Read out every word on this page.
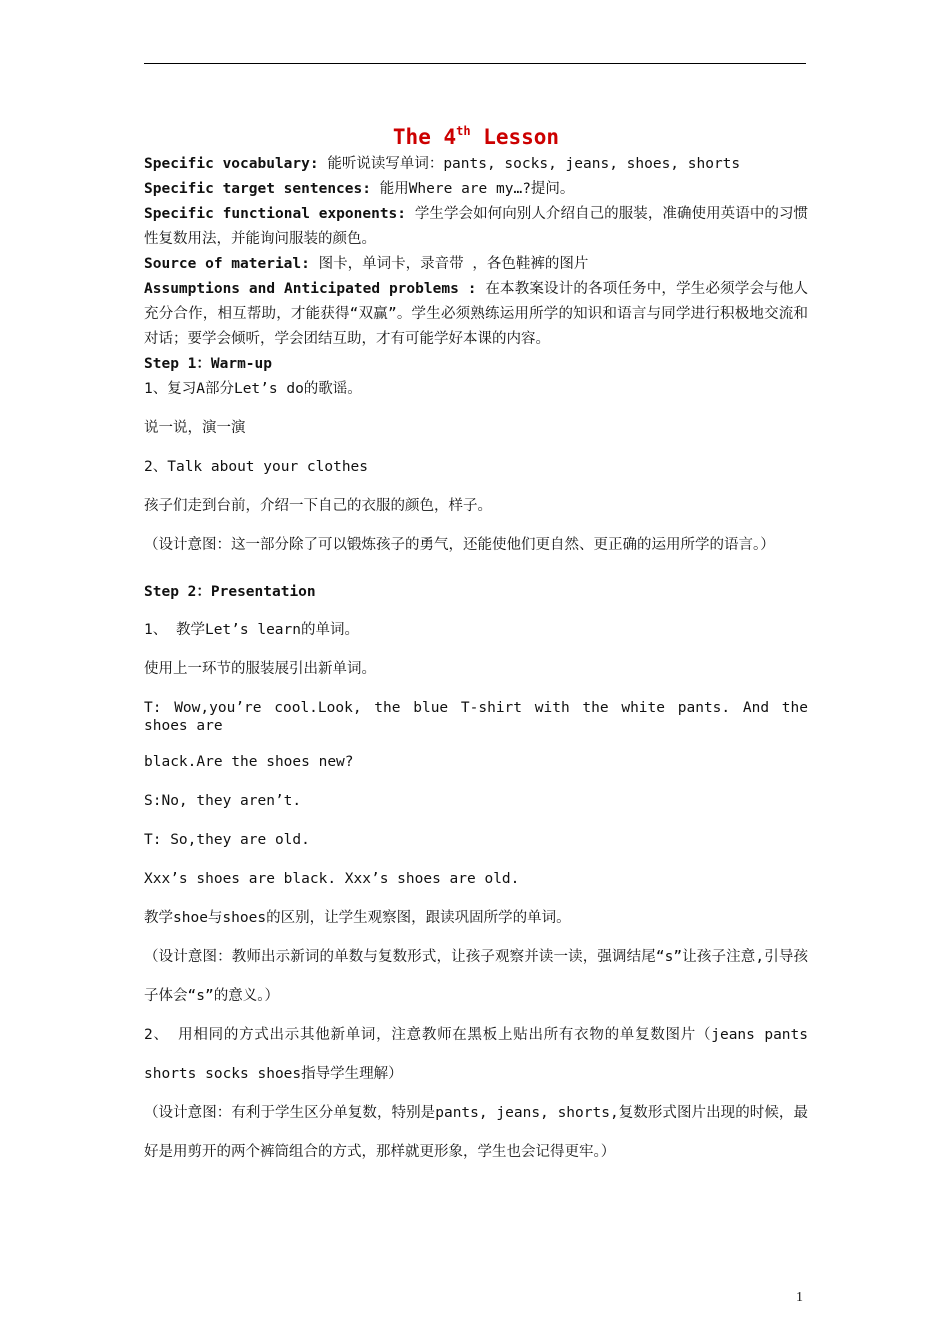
The 4th Lesson

Specific vocabulary: 能听说读写单词：pants, socks, jeans, shoes, shorts

Specific target sentences: 能用Where are my…?提问。

Specific functional exponents: 学生学会如何向别人介绍自己的服装，准确使用英语中的习惯性复数用法，并能询问服装的颜色。

Source of material: 图卡，单词卡，录音带 ，各色鞋裤的图片

Assumptions and Anticipated problems : 在本教案设计的各项任务中，学生必须学会与他人充分合作，相互帮助，才能获得“双赢”。学生必须熟练运用所学的知识和语言与同学进行积极地交流和对话；要学会倾听，学会团结互助，才有可能学好本课的内容。

Step 1：Warm-up

1、复习A部分Let’s do的歌谣。

说一说，演一演

2、Talk about your clothes

孩子们走到台前，介绍一下自己的衣服的颜色，样子。

（设计意图：这一部分除了可以锻炼孩子的勇气，还能使他们更自然、更正确的运用所学的语言。）

Step 2：Presentation

1、 教学Let’s learn的单词。

使用上一环节的服装展引出新单词。

T: Wow,you’re cool.Look, the blue T-shirt with the white pants. And the shoes are

black.Are the shoes new?

S:No, they aren’t.

T: So,they are old.

Xxx’s shoes are black. Xxx’s shoes are old.

教学shoe与shoes的区别，让学生观察图，跟读巩固所学的单词。

（设计意图：教师出示新词的单数与复数形式，让孩子观察并读一读，强调结尾“s”让孩子注意,引导孩子体会“s”的意义。）

2、 用相同的方式出示其他新单词，注意教师在黑板上贴出所有衣物的单复数图片（jeans pants shorts socks shoes指导学生理解）

（设计意图：有利于学生区分单复数，特别是pants, jeans, shorts,复数形式图片出现的时候，最好是用剪开的两个裤筒组合的方式，那样就更形象，学生也会记得更牢。）

1
